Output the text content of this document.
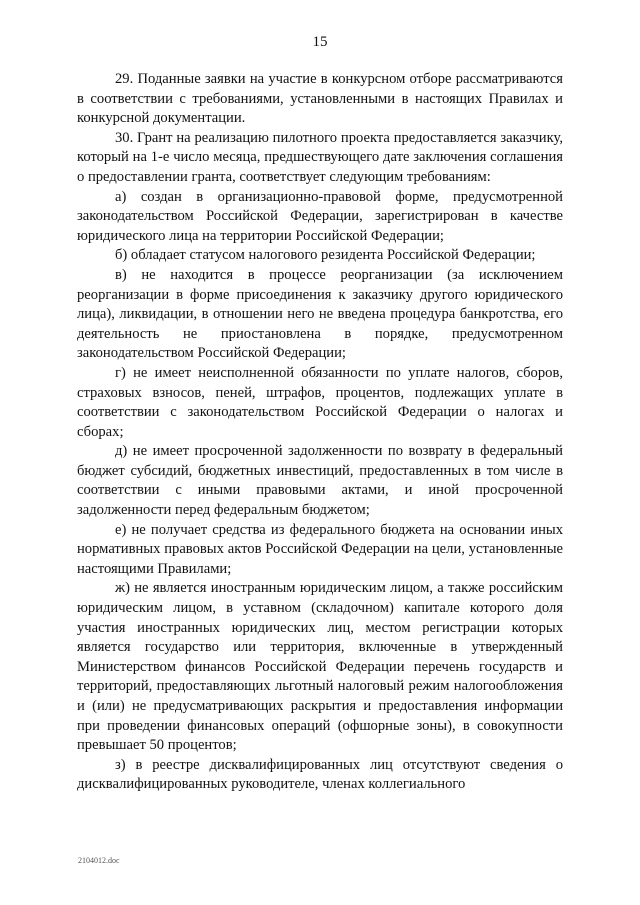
15

29. Поданные заявки на участие в конкурсном отборе рассматриваются в соответствии с требованиями, установленными в настоящих Правилах и конкурсной документации.

30. Грант на реализацию пилотного проекта предоставляется заказчику, который на 1-е число месяца, предшествующего дате заключения соглашения о предоставлении гранта, соответствует следующим требованиям:

а) создан в организационно-правовой форме, предусмотренной законодательством Российской Федерации, зарегистрирован в качестве юридического лица на территории Российской Федерации;

б) обладает статусом налогового резидента Российской Федерации;

в) не находится в процессе реорганизации (за исключением реорганизации в форме присоединения к заказчику другого юридического лица), ликвидации, в отношении него не введена процедура банкротства, его деятельность не приостановлена в порядке, предусмотренном законодательством Российской Федерации;

г) не имеет неисполненной обязанности по уплате налогов, сборов, страховых взносов, пеней, штрафов, процентов, подлежащих уплате в соответствии с законодательством Российской Федерации о налогах и сборах;

д) не имеет просроченной задолженности по возврату в федеральный бюджет субсидий, бюджетных инвестиций, предоставленных в том числе в соответствии с иными правовыми актами, и иной просроченной задолженности перед федеральным бюджетом;

е) не получает средства из федерального бюджета на основании иных нормативных правовых актов Российской Федерации на цели, установленные настоящими Правилами;

ж) не является иностранным юридическим лицом, а также российским юридическим лицом, в уставном (складочном) капитале которого доля участия иностранных юридических лиц, местом регистрации которых является государство или территория, включенные в утвержденный Министерством финансов Российской Федерации перечень государств и территорий, предоставляющих льготный налоговый режим налогообложения и (или) не предусматривающих раскрытия и предоставления информации при проведении финансовых операций (офшорные зоны), в совокупности превышает 50 процентов;

з) в реестре дисквалифицированных лиц отсутствуют сведения о дисквалифицированных руководителе, членах коллегиального

2104012.doc
